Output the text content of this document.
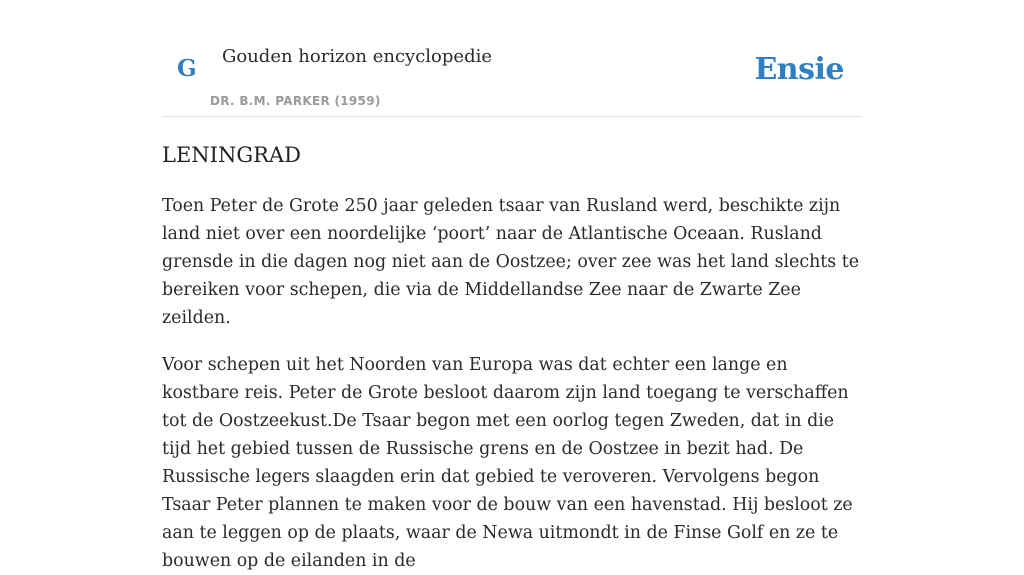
G Gouden horizon encyclopedie
DR. B.M. PARKER (1959)
Ensie
LENINGRAD

Toen Peter de Grote 250 jaar geleden tsaar van Rusland werd, beschikte zijn land niet over een noordelijke ‘poort’ naar de Atlantische Oceaan. Rusland grensde in die dagen nog niet aan de Oostzee; over zee was het land slechts te bereiken voor schepen, die via de Middellandse Zee naar de Zwarte Zee zeilden.

Voor schepen uit het Noorden van Europa was dat echter een lange en kostbare reis. Peter de Grote besloot daarom zijn land toegang te verschaffen tot de Oostzeekust.De Tsaar begon met een oorlog tegen Zweden, dat in die tijd het gebied tussen de Russische grens en de Oostzee in bezit had. De Russische legers slaagden erin dat gebied te veroveren. Vervolgens begon Tsaar Peter plannen te maken voor de bouw van een havenstad. Hij besloot ze aan te leggen op de plaats, waar de Newa uitmondt in de Finse Golf en ze te bouwen op de eilanden in de
